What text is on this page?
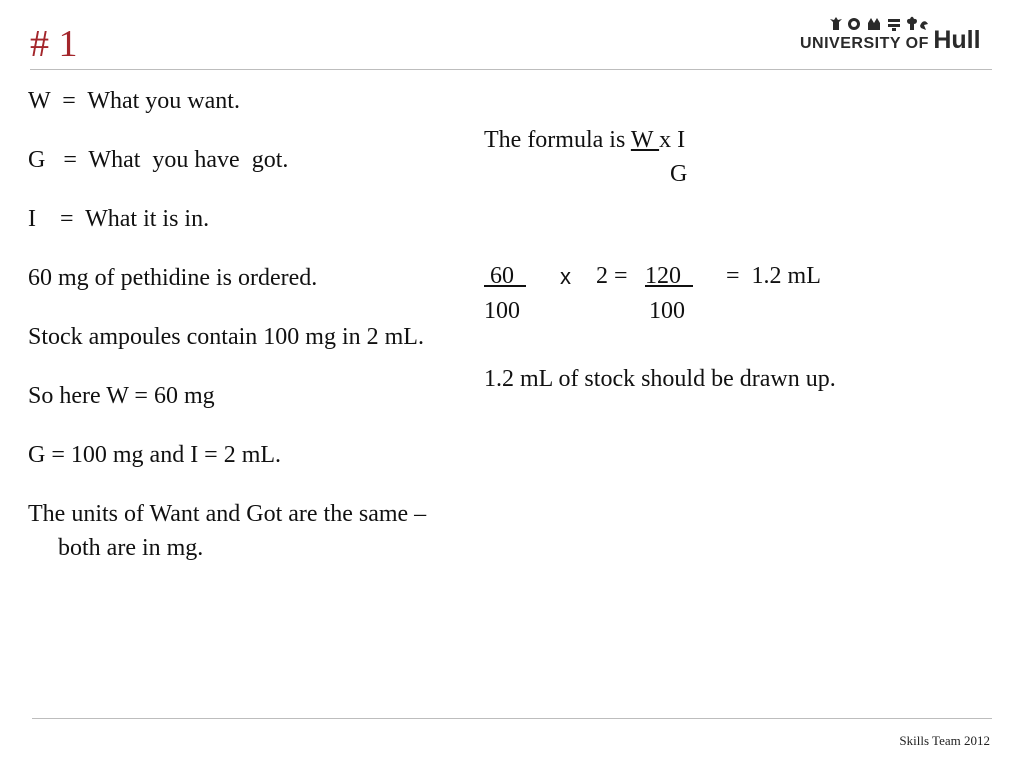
# 1	UNIVERSITY OF Hull

W  =  What you want.

G   =  What  you have  got.

I    =  What it is in.

60 mg of pethidine is ordered.

Stock ampoules contain 100 mg in 2 mL.

So here W = 60 mg

G = 100 mg and I = 2 mL.

The units of Want and Got are the same – both are in mg.

The formula is W x I
G
60 x 2 = 120 =  1.2 mL
100	100
1.2 mL of stock should be drawn up.
Skills Team 2012
